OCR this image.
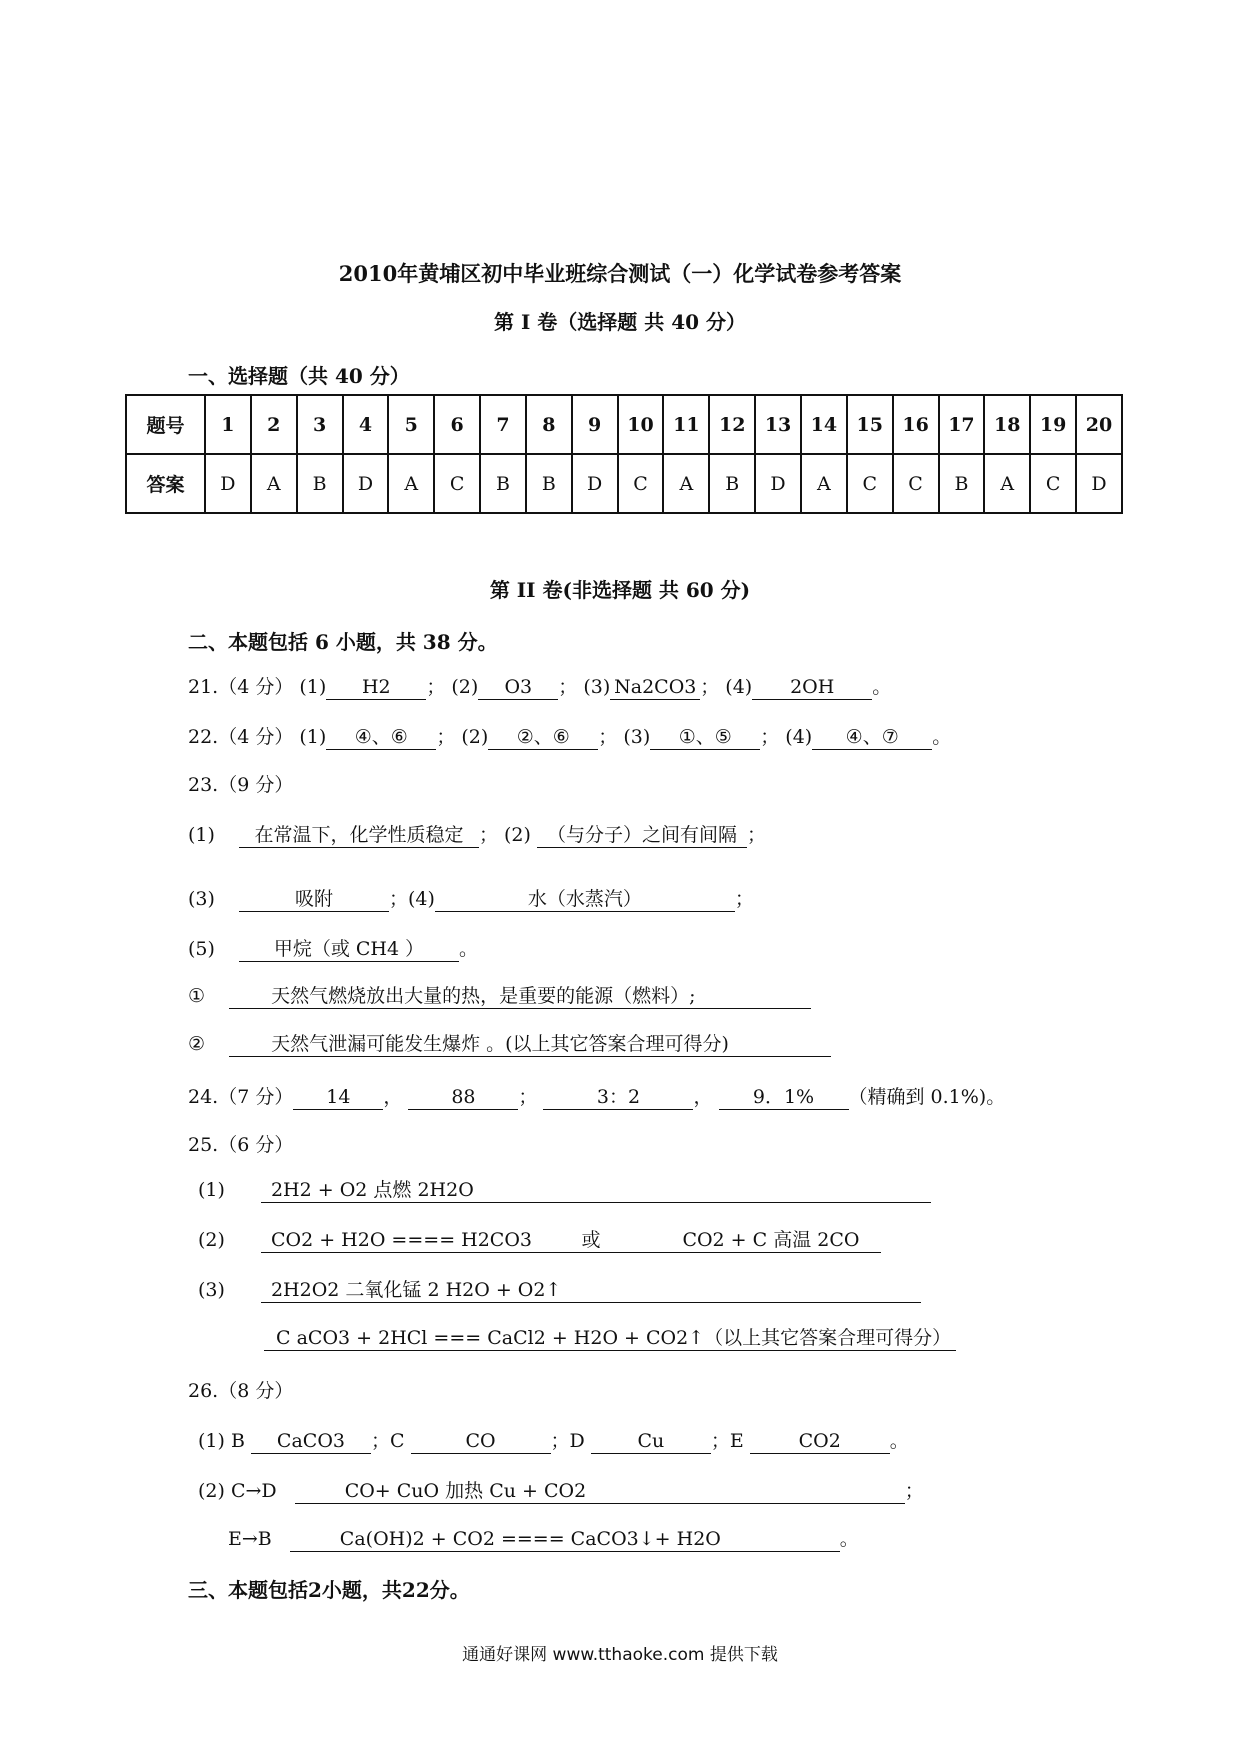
2010年黄埔区初中毕业班综合测试（一）化学试卷参考答案
第 I 卷（选择题 共 40 分）
一、选择题（共 40 分）
题号	1	2	3	4	5	6	7	8	9	10	11	12	13	14	15	16	17	18	19	20
答案	D	A	B	D	A	C	B	B	D	C	A	B	D	A	C	C	B	A	C	D
第 II 卷(非选择题 共 60 分)
二、本题包括 6 小题，共 38 分。
21.（4 分） (1) H2 ； (2) O3 ； (3) Na2CO3 ； (4) 2OH 。
22.（4 分） (1) ④、⑥ ； (2) ②、⑥ ； (3) ①、⑤ ； (4) ④、⑦ 。
23.（9 分）
(1) 在常温下，化学性质稳定 ； (2) （与分子）之间有间隔 ；
(3)	吸附	；(4)	水（水蒸汽）	；
(5)	甲烷（或 CH4 ） 。
①	天然气燃烧放出大量的热，是重要的能源（燃料）;
②	天然气泄漏可能发生爆炸 。(以上其它答案合理可得分)
24.（7 分） 14 ， 88 ；	3：2	， 9．1% （精确到 0.1%)。
25.（6 分）
(1) 2H2 + O2 点燃 2H2O
(2) CO2 + H2O ==== H2CO3	或	CO2 + C 高温 2CO
(3) 2H2O2 二氧化锰 2 H2O + O2↑
C aCO3 + 2HCl === CaCl2 + H2O + CO2↑（以上其它答案合理可得分）
26.（8 分）
(1) B CaCO3 ；C	CO	；D Cu ；E	CO2	。
(2) C→D	CO+ CuO 加热 Cu + CO2	；
E→B	Ca(OH)2 + CO2 ==== CaCO3↓+ H2O	。
三、本题包括2小题，共22分。
通通好课网 www.tthaoke.com 提供下载
